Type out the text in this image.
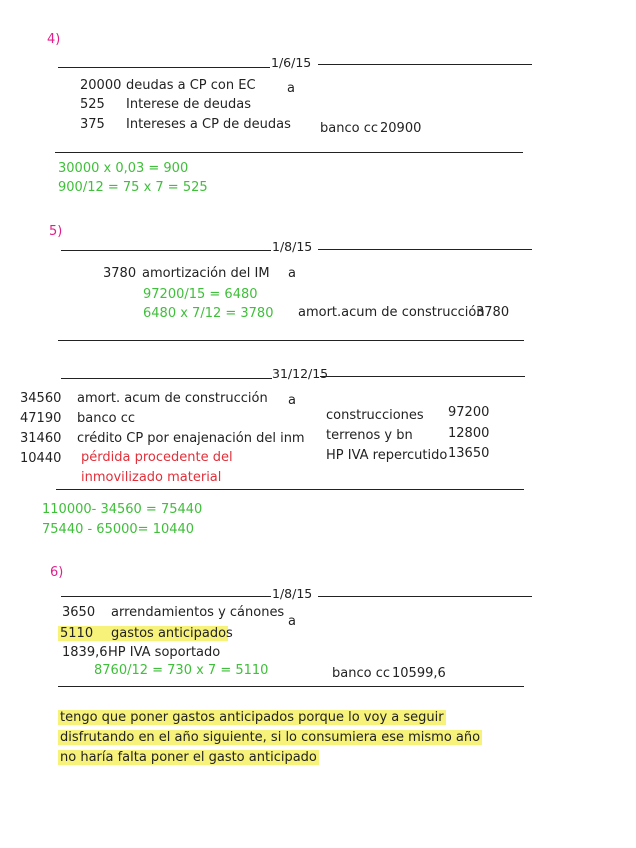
4)
1/6/15
20000 deudas a CP con EC a
525 Interese de deudas
375 Intereses a CP de deudas banco cc 20900
30000 x 0,03 = 900
900/12 = 75 x 7 = 525
5)
1/8/15
3780 amortización del IM a
97200/15 = 6480
6480 x 7/12 = 3780 amort.acum de construcción
3780
31/12/15
34560 amort. acum de construcción a
47190 banco cc
31460 crédito CP por enajenación del inm
10440 pérdida procedente del
inmovilizado material
construcciones 97200
terrenos y bn	12800
HP IVA repercutido 13650
110000- 34560 = 75440
75440 - 65000= 10440
6)
1/8/15
3650 arrendamientos y cánones
a
5110 gastos anticipados
1839,6 HP IVA soportado
8760/12 = 730 x 7 = 5110	banco cc 10599,6
tengo que poner gastos anticipados porque lo voy a seguir
disfrutando en el año siguiente, si lo consumiera ese mismo año
no haría falta poner el gasto anticipado
